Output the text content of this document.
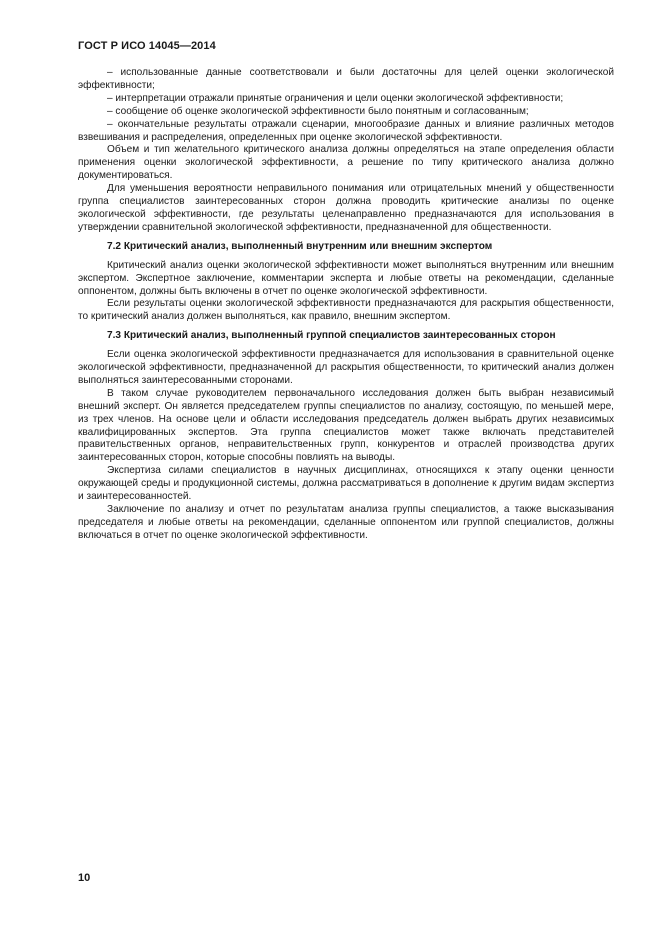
ГОСТ Р ИСО 14045—2014

– использованные данные соответствовали и были достаточны для целей оценки экологической эффективности;

– интерпретации отражали принятые ограничения и цели оценки экологической эффективности;

– сообщение об оценке экологической эффективности было понятным и согласованным;

– окончательные результаты отражали сценарии, многообразие данных и влияние различных методов взвешивания и распределения, определенных при оценке экологической эффективности.

Объем и тип желательного критического анализа должны определяться на этапе определения области применения оценки экологической эффективности, а решение по типу критического анализа должно документироваться.

Для уменьшения вероятности неправильного понимания или отрицательных мнений у общественности группа специалистов заинтересованных сторон должна проводить критические анализы по оценке экологической эффективности, где результаты целенаправленно предназначаются для использования в утверждении сравнительной экологической эффективности, предназначенной для общественности.

7.2 Критический анализ, выполненный внутренним или внешним экспертом

Критический анализ оценки экологической эффективности может выполняться внутренним или внешним экспертом. Экспертное заключение, комментарии эксперта и любые ответы на рекомендации, сделанные оппонентом, должны быть включены в отчет по оценке экологической эффективности.

Если результаты оценки экологической эффективности предназначаются для раскрытия общественности, то критический анализ должен выполняться, как правило, внешним экспертом.

7.3 Критический анализ, выполненный группой специалистов заинтересованных сторон

Если оценка экологической эффективности предназначается для использования в сравнительной оценке экологической эффективности, предназначенной дл раскрытия общественности, то критический анализ должен выполняться заинтересованными сторонами.

В таком случае руководителем первоначального исследования должен быть выбран независимый внешний эксперт. Он является председателем группы специалистов по анализу, состоящую, по меньшей мере, из трех членов. На основе цели и области исследования председатель должен выбрать других независимых квалифицированных экспертов. Эта группа специалистов может также включать представителей правительственных органов, неправительственных групп, конкурентов и отраслей производства других заинтересованных сторон, которые способны повлиять на выводы.

Экспертиза силами специалистов в научных дисциплинах, относящихся к этапу оценки ценности окружающей среды и продукционной системы, должна рассматриваться в дополнение к другим видам экспертиз и заинтересованностей.

Заключение по анализу и отчет по результатам анализа группы специалистов, а также высказывания председателя и любые ответы на рекомендации, сделанные оппонентом или группой специалистов, должны включаться в отчет по оценке экологической эффективности.

10
